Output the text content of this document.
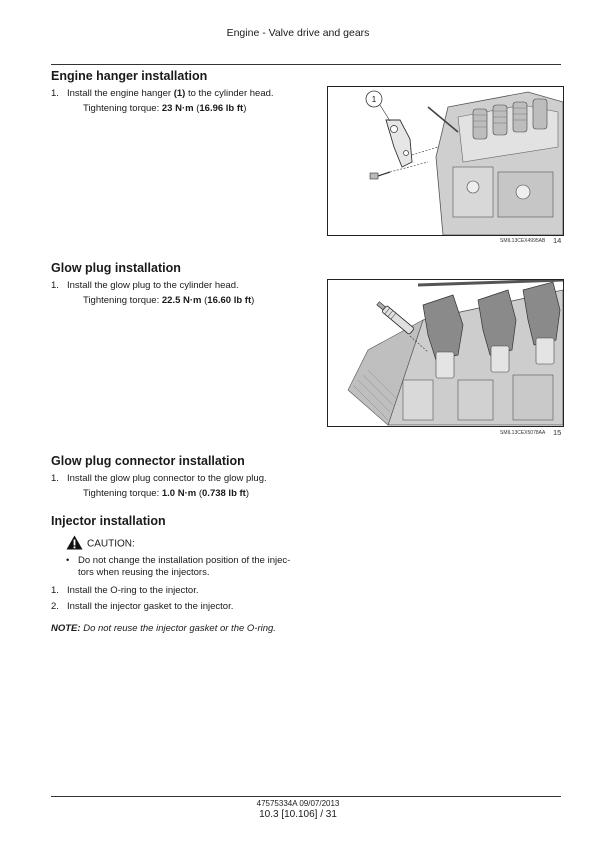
Engine - Valve drive and gears
Engine hanger installation
1. Install the engine hanger (1) to the cylinder head.
Tightening torque: 23 N·m (16.96 lb ft)
1
SMIL13CEX4995AB 14
Glow plug installation
1. Install the glow plug to the cylinder head.
Tightening torque: 22.5 N·m (16.60 lb ft)
SMIL13CEX5078AA 15
Glow plug connector installation
1. Install the glow plug connector to the glow plug.
Tightening torque: 1.0 N·m (0.738 lb ft)
Injector installation
CAUTION:
• Do not change the installation position of the injec-
tors when reusing the injectors.
1. Install the O-ring to the injector.
2. Install the injector gasket to the injector.
NOTE: Do not reuse the injector gasket or the O-ring.
47575334A 09/07/2013
10.3 [10.106] / 31
